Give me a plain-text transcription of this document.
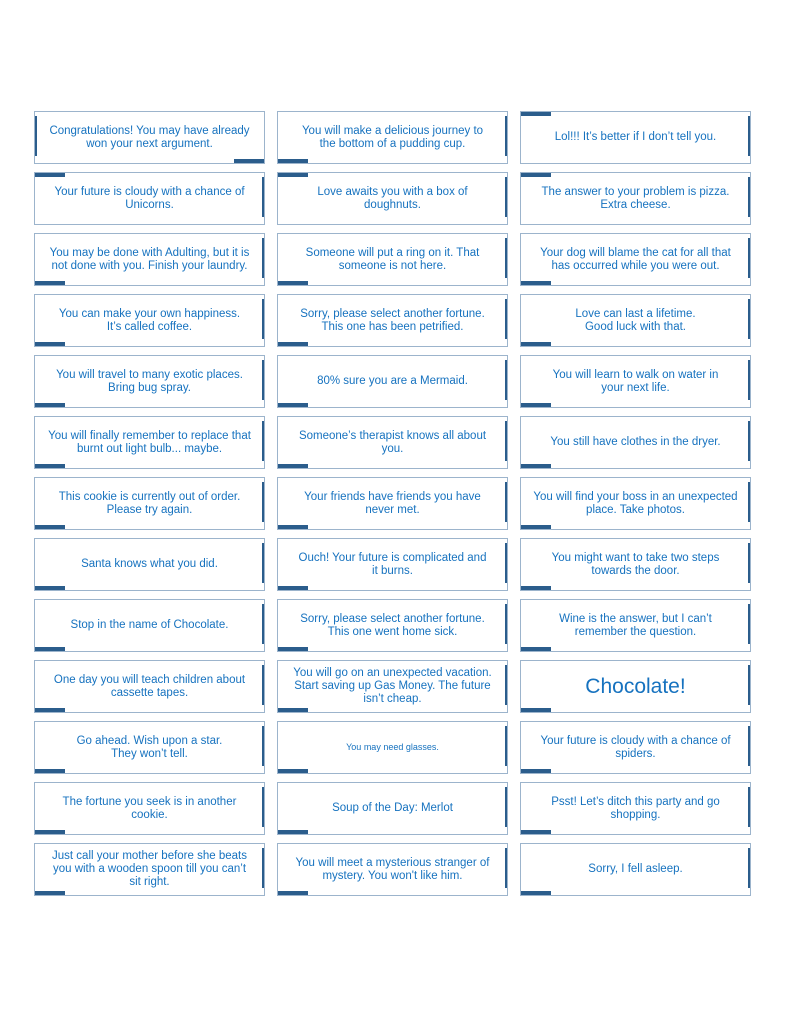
Congratulations! You may have already
won your next argument.
You will make a delicious journey to
the bottom of a pudding cup.
Lol!!! It’s better if I don’t tell you.
Your future is cloudy with a chance of
Unicorns.
Love awaits you with a box of
doughnuts.
The answer to your problem is pizza.
Extra cheese.
You may be done with Adulting, but it is
not done with you. Finish your laundry.
Someone will put a ring on it. That
someone is not here.
Your dog will blame the cat for all that
has occurred while you were out.
You can make your own happiness.
It’s called coffee.
Sorry, please select another fortune.
This one has been petrified.
Love can last a lifetime.
Good luck with that.
You will travel to many exotic places.
Bring bug spray.
80% sure you are a Mermaid.
You will learn to walk on water in
your next life.
You will finally remember to replace that
burnt out light bulb... maybe.
Someone’s therapist knows all about you.
You still have clothes in the dryer.
This cookie is currently out of order.
Please try again.
Your friends have friends you have
never met.
You will find your boss in an unexpected
place. Take photos.
Santa knows what you did.
Ouch! Your future is complicated and
it burns.
You might want to take two steps
towards the door.
Stop in the name of Chocolate.
Sorry, please select another fortune.
This one went home sick.
Wine is the answer, but I can’t
remember the question.
One day you will teach children about
cassette tapes.
You will go on an unexpected vacation.
Start saving up Gas Money. The future
isn’t cheap.
Chocolate!
Go ahead. Wish upon a star.
They won’t tell.
You may need glasses.
Your future is cloudy with a chance of
spiders.
The fortune you seek is in another cookie.
Soup of the Day: Merlot
Psst! Let’s ditch this party and go
shopping.
Just call your mother before she beats
you with a wooden spoon till you can’t
sit right.
You will meet a mysterious stranger of
mystery. You won't like him.
Sorry, I fell asleep.
